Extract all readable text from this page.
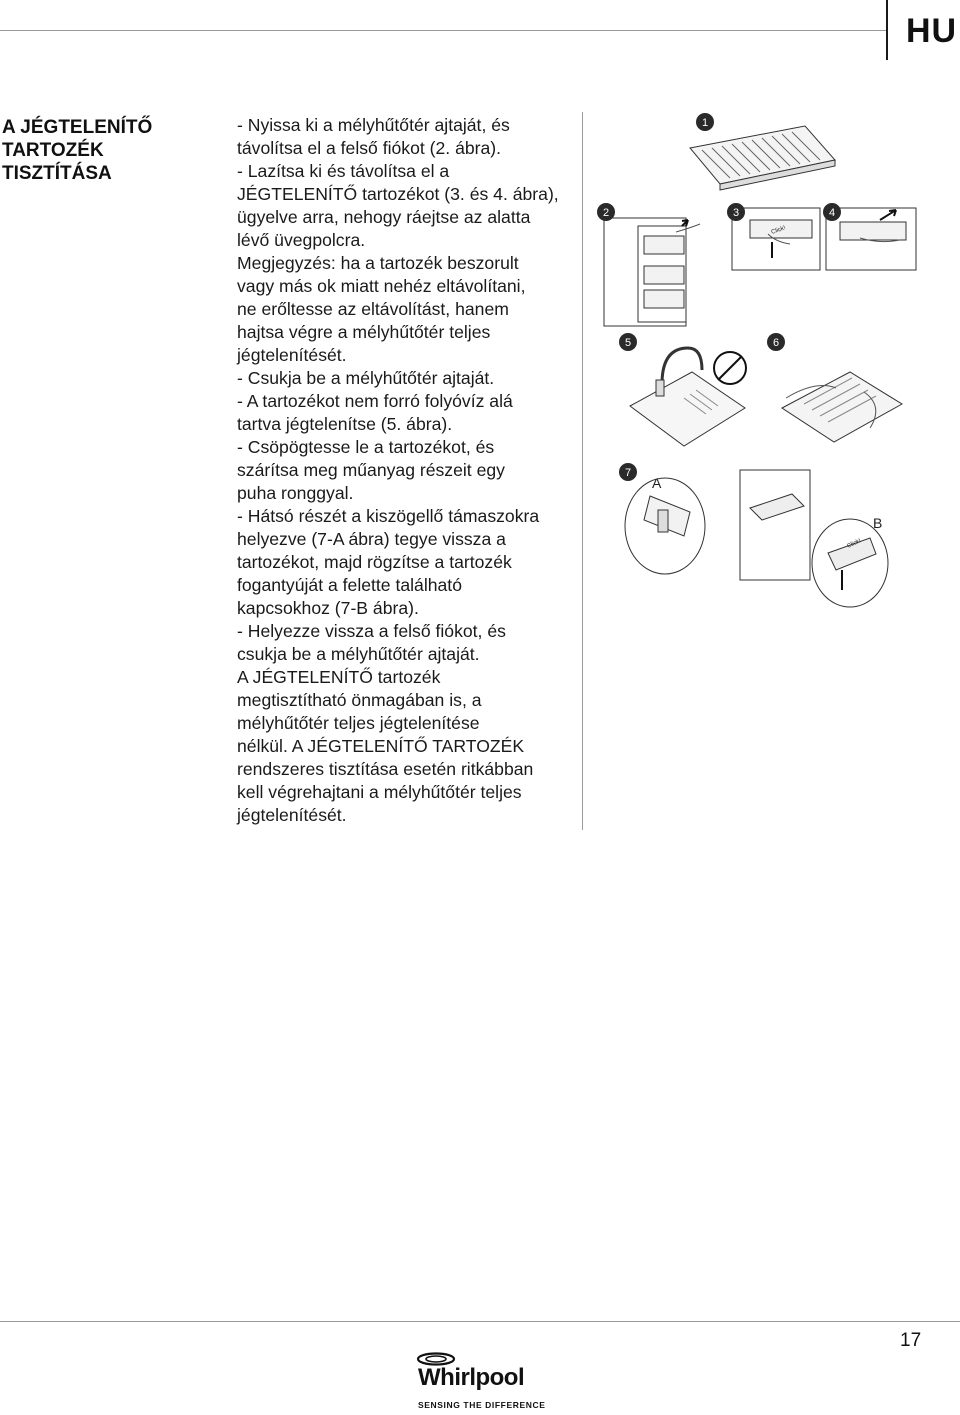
HU
A JÉGTELENÍTŐ
TARTOZÉK
TISZTÍTÁSA

- Nyissa ki a mélyhűtőtér ajtaját, és

távolítsa el a felső fiókot (2. ábra).

- Lazítsa ki és távolítsa el a

JÉGTELENÍTŐ tartozékot (3. és 4. ábra),

ügyelve arra, nehogy ráejtse az alatta

lévő üvegpolcra.

Megjegyzés: ha a tartozék beszorult

vagy más ok miatt nehéz eltávolítani,

ne erőltesse az eltávolítást, hanem

hajtsa végre a mélyhűtőtér teljes

jégtelenítését.

- Csukja be a mélyhűtőtér ajtaját.

- A tartozékot nem forró folyóvíz alá

tartva jégtelenítse (5. ábra).

- Csöpögtesse le a tartozékot, és

szárítsa meg műanyag részeit egy

puha ronggyal.

- Hátsó részét a kiszögellő támaszokra

helyezve (7-A ábra) tegye vissza a

tartozékot, majd rögzítse a tartozék

fogantyúját a felette található

kapcsokhoz (7-B ábra).

- Helyezze vissza a felső fiókot, és

csukja be a mélyhűtőtér ajtaját.

A JÉGTELENÍTŐ tartozék

megtisztítható önmagában is, a

mélyhűtőtér teljes jégtelenítése

nélkül. A JÉGTELENÍTŐ TARTOZÉK

rendszeres tisztítása esetén ritkábban

kell végrehajtani a mélyhűtőtér teljes

jégtelenítését.

1
2	3	4
5	6
7
A
B
Click!
Click!
17
Whirlpool
SENSING THE DIFFERENCE
